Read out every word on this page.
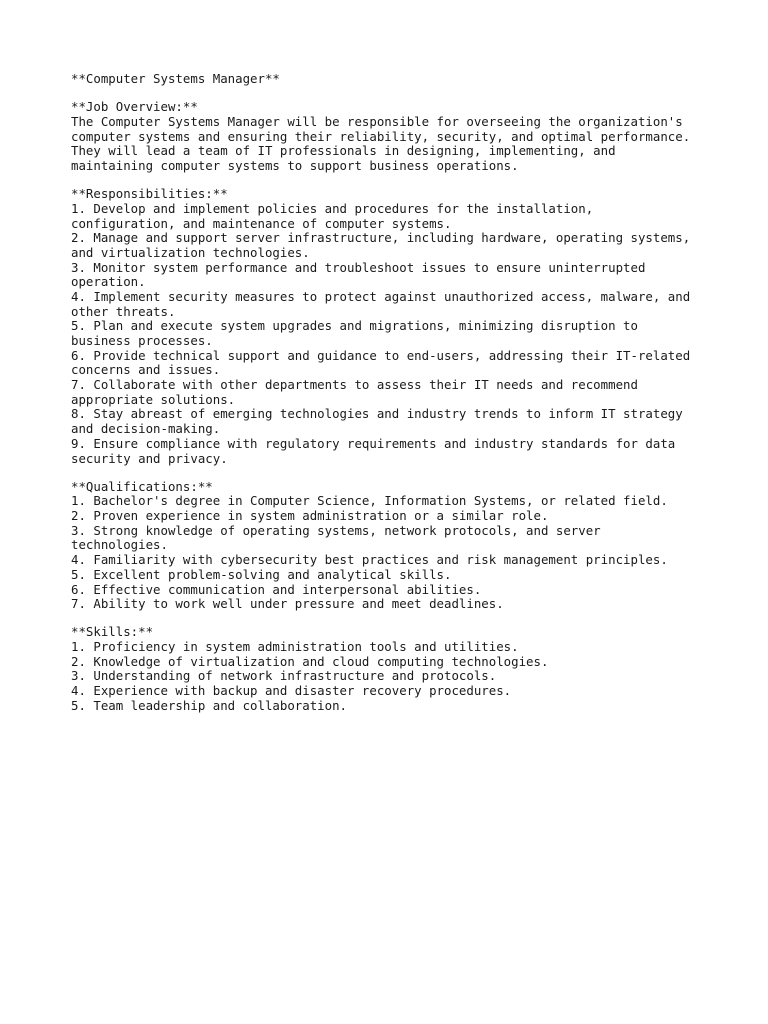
**Computer Systems Manager**
**Job Overview:**
The Computer Systems Manager will be responsible for overseeing the organization's
computer systems and ensuring their reliability, security, and optimal performance.
They will lead a team of IT professionals in designing, implementing, and
maintaining computer systems to support business operations.
**Responsibilities:**
1. Develop and implement policies and procedures for the installation,
configuration, and maintenance of computer systems.
2. Manage and support server infrastructure, including hardware, operating systems,
and virtualization technologies.
3. Monitor system performance and troubleshoot issues to ensure uninterrupted
operation.
4. Implement security measures to protect against unauthorized access, malware, and
other threats.
5. Plan and execute system upgrades and migrations, minimizing disruption to
business processes.
6. Provide technical support and guidance to end-users, addressing their IT-related
concerns and issues.
7. Collaborate with other departments to assess their IT needs and recommend
appropriate solutions.
8. Stay abreast of emerging technologies and industry trends to inform IT strategy
and decision-making.
9. Ensure compliance with regulatory requirements and industry standards for data
security and privacy.
**Qualifications:**
1. Bachelor's degree in Computer Science, Information Systems, or related field.
2. Proven experience in system administration or a similar role.
3. Strong knowledge of operating systems, network protocols, and server
technologies.
4. Familiarity with cybersecurity best practices and risk management principles.
5. Excellent problem-solving and analytical skills.
6. Effective communication and interpersonal abilities.
7. Ability to work well under pressure and meet deadlines.
**Skills:**
1. Proficiency in system administration tools and utilities.
2. Knowledge of virtualization and cloud computing technologies.
3. Understanding of network infrastructure and protocols.
4. Experience with backup and disaster recovery procedures.
5. Team leadership and collaboration.
